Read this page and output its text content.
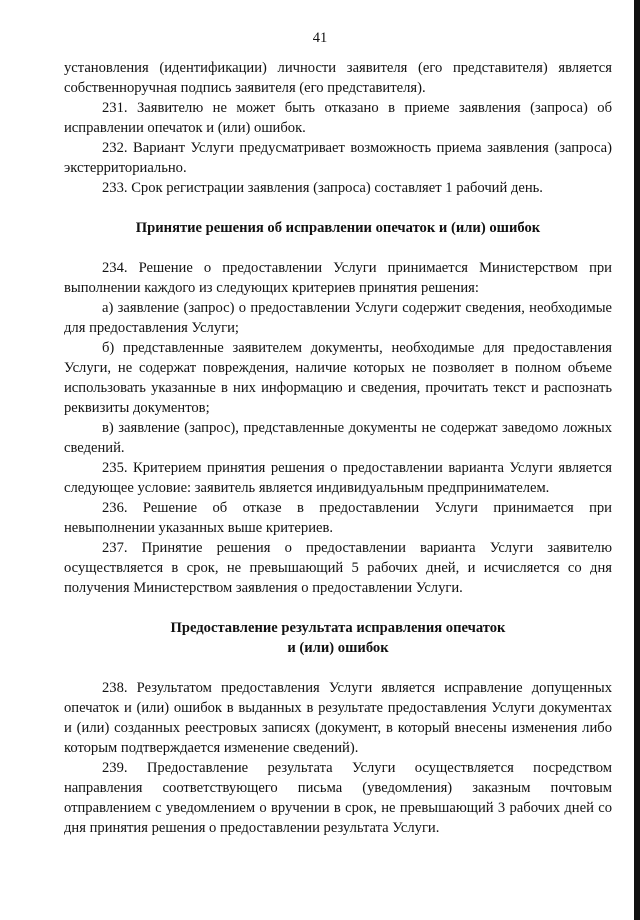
41

установления (идентификации) личности заявителя (его представителя) является собственноручная подпись заявителя (его представителя).

231. Заявителю не может быть отказано в приеме заявления (запроса) об исправлении опечаток и (или) ошибок.

232. Вариант Услуги предусматривает возможность приема заявления (запроса) экстерриториально.

233. Срок регистрации заявления (запроса) составляет 1 рабочий день.

Принятие решения об исправлении опечаток и (или) ошибок

234. Решение о предоставлении Услуги принимается Министерством при выполнении каждого из следующих критериев принятия решения:

а) заявление (запрос) о предоставлении Услуги содержит сведения, необходимые для предоставления Услуги;

б) представленные заявителем документы, необходимые для предоставления Услуги, не содержат повреждения, наличие которых не позволяет в полном объеме использовать указанные в них информацию и сведения, прочитать текст и распознать реквизиты документов;

в) заявление (запрос), представленные документы не содержат заведомо ложных сведений.

235. Критерием принятия решения о предоставлении варианта Услуги является следующее условие: заявитель является индивидуальным предпринимателем.

236. Решение об отказе в предоставлении Услуги принимается при невыполнении указанных выше критериев.

237. Принятие решения о предоставлении варианта Услуги заявителю осуществляется в срок, не превышающий 5 рабочих дней, и исчисляется со дня получения Министерством заявления о предоставлении Услуги.

Предоставление результата исправления опечаток
и (или) ошибок

238. Результатом предоставления Услуги является исправление допущенных опечаток и (или) ошибок в выданных в результате предоставления Услуги документах и (или) созданных реестровых записях (документ, в который внесены изменения либо которым подтверждается изменение сведений).

239. Предоставление результата Услуги осуществляется посредством направления соответствующего письма (уведомления) заказным почтовым отправлением с уведомлением о вручении в срок, не превышающий 3 рабочих дней со дня принятия решения о предоставлении результата Услуги.
